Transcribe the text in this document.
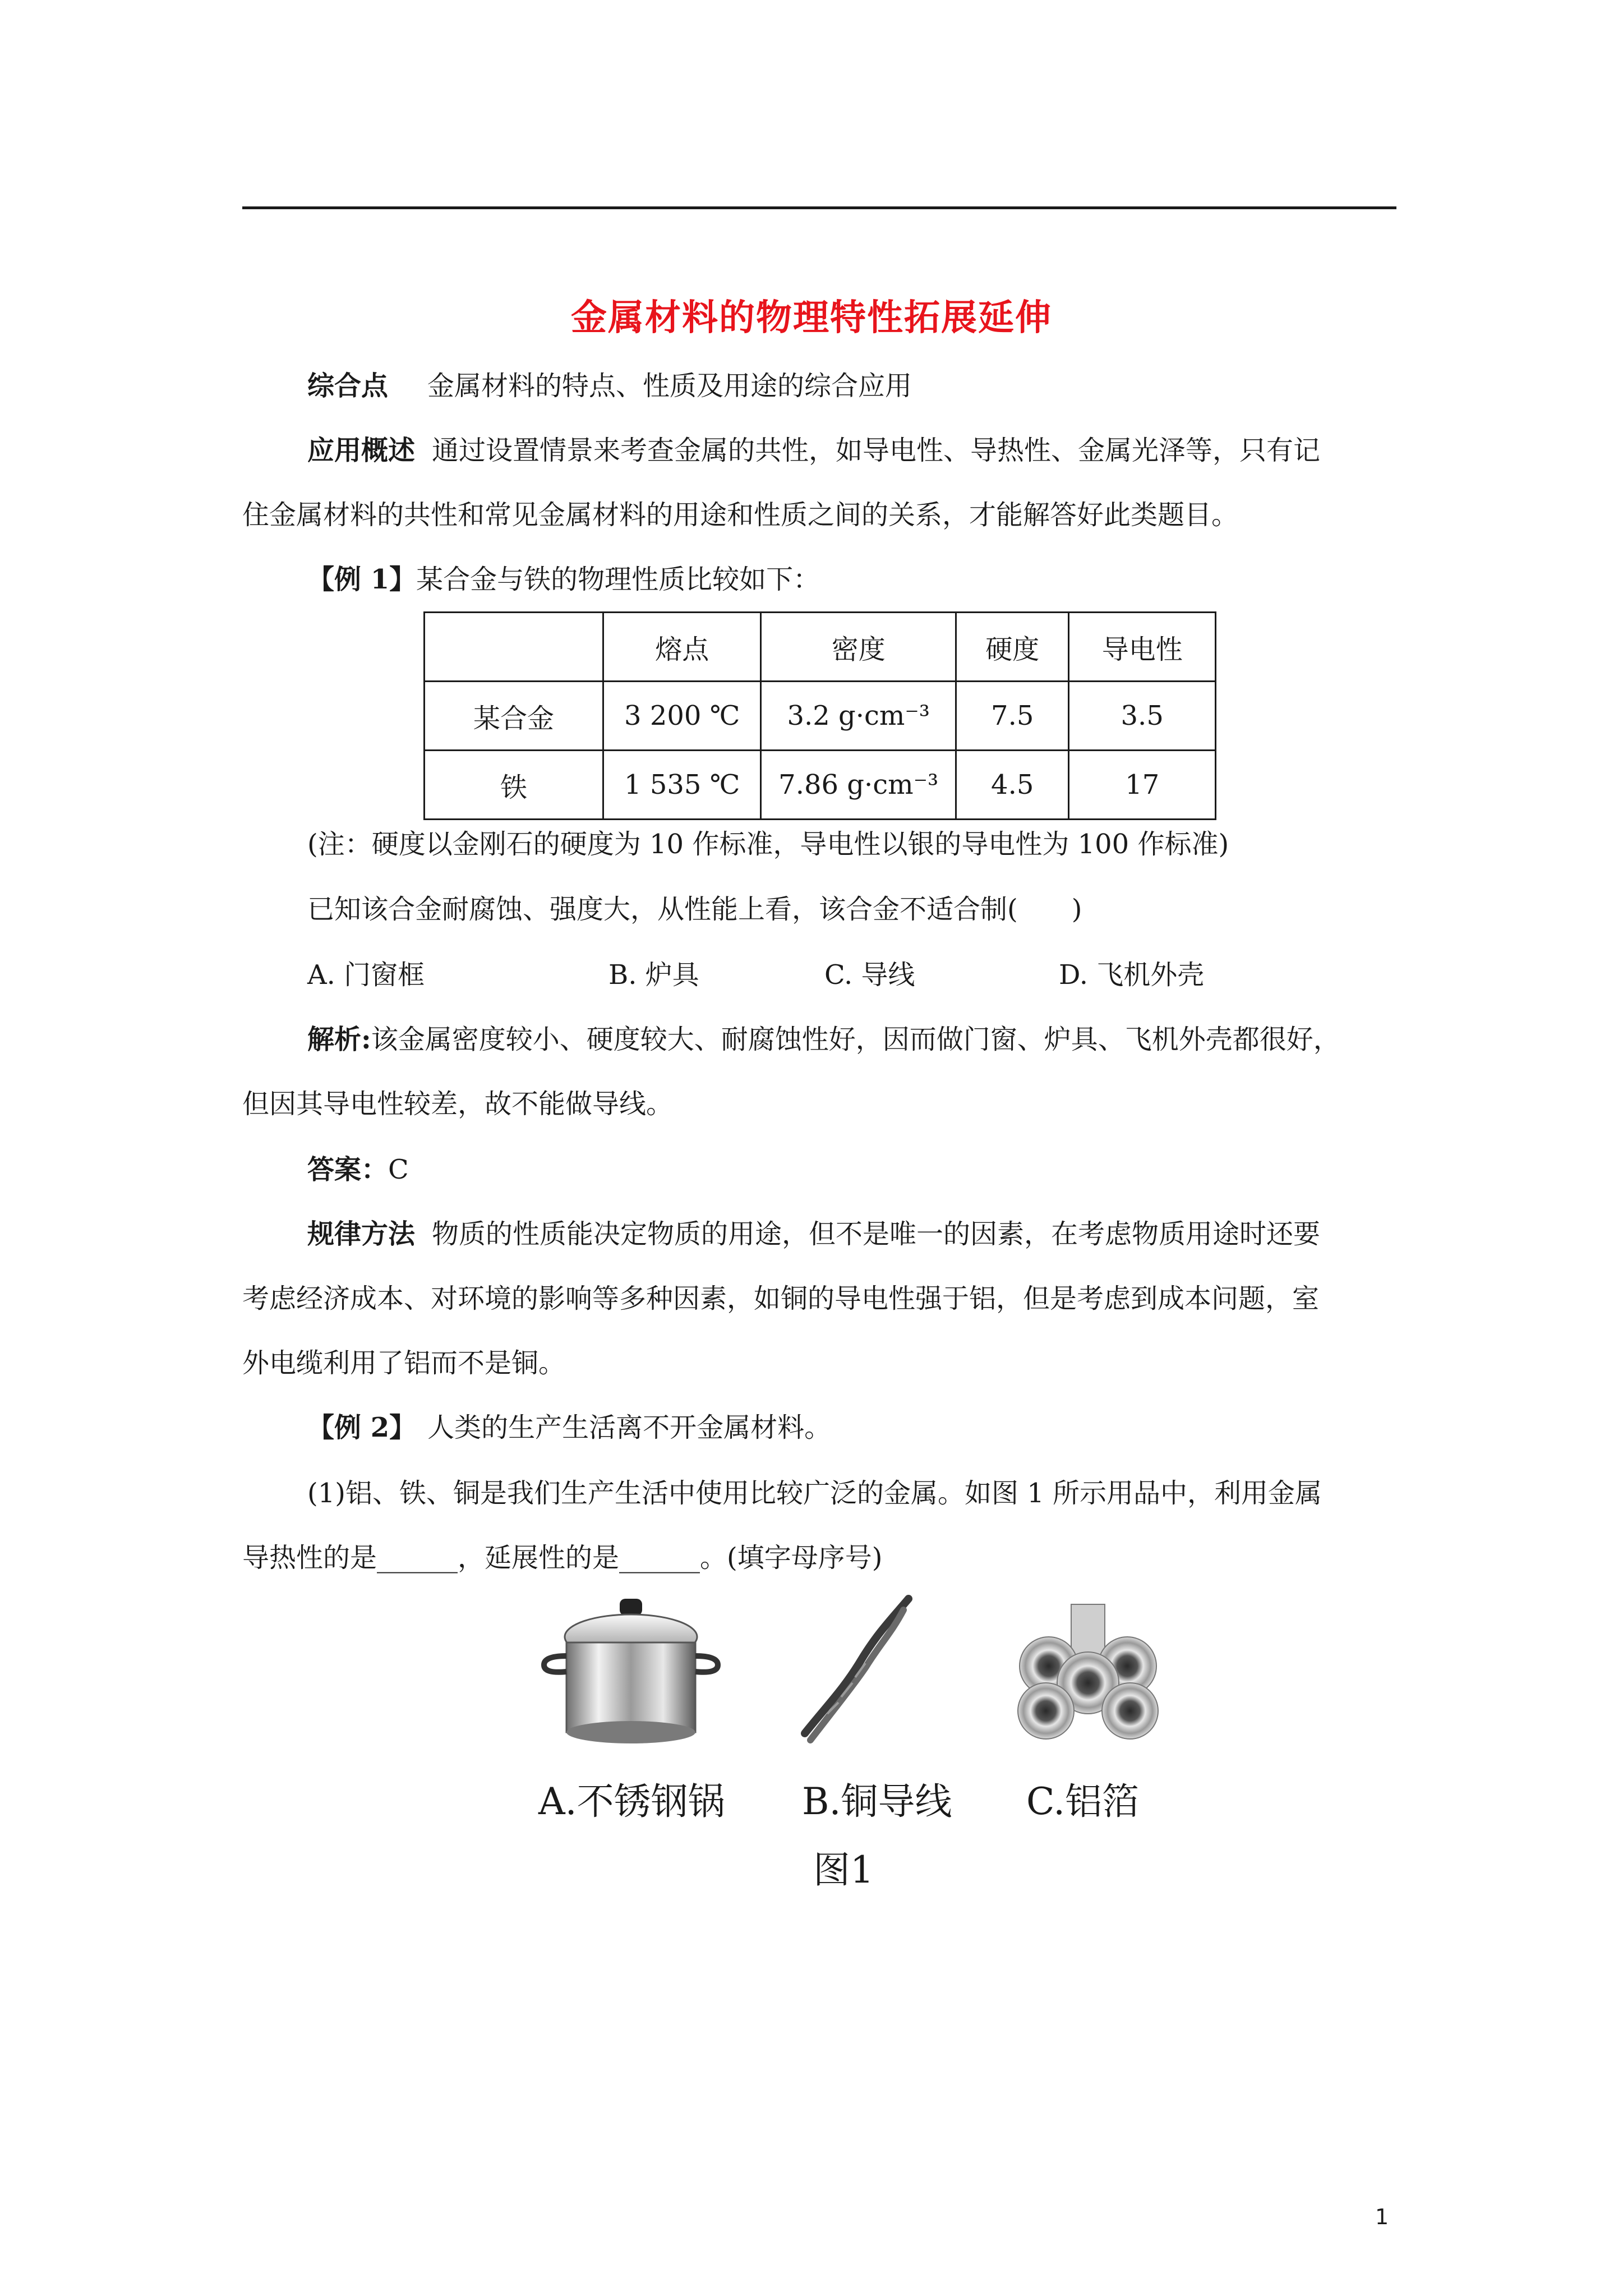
金属材料的物理特性拓展延伸
综合点 金属材料的特点、性质及用途的综合应用
应用概述 通过设置情景来考查金属的共性，如导电性、导热性、金属光泽等，只有记
住金属材料的共性和常见金属材料的用途和性质之间的关系，才能解答好此类题目。
【例 1】某合金与铁的物理性质比较如下：
	熔点	密度	硬度	导电性
某合金	3 200 ℃	3.2 g·cm⁻³	7.5	3.5
铁	1 535 ℃	7.86 g·cm⁻³	4.5	17
(注：硬度以金刚石的硬度为 10 作标准，导电性以银的导电性为 100 作标准)
已知该合金耐腐蚀、强度大，从性能上看，该合金不适合制(　　)
A. 门窗框	B. 炉具	C. 导线	D. 飞机外壳
解析:该金属密度较小、硬度较大、耐腐蚀性好，因而做门窗、炉具、飞机外壳都很好，
但因其导电性较差，故不能做导线。
答案：C
规律方法 物质的性质能决定物质的用途，但不是唯一的因素，在考虑物质用途时还要
考虑经济成本、对环境的影响等多种因素，如铜的导电性强于铝，但是考虑到成本问题，室
外电缆利用了铝而不是铜。
【例 2】 人类的生产生活离不开金属材料。
(1)铝、铁、铜是我们生产生活中使用比较广泛的金属。如图 1 所示用品中，利用金属
导热性的是______，延展性的是______。(填字母序号)
A.不锈钢锅 B.铜导线 C.铝箔
图1
1
